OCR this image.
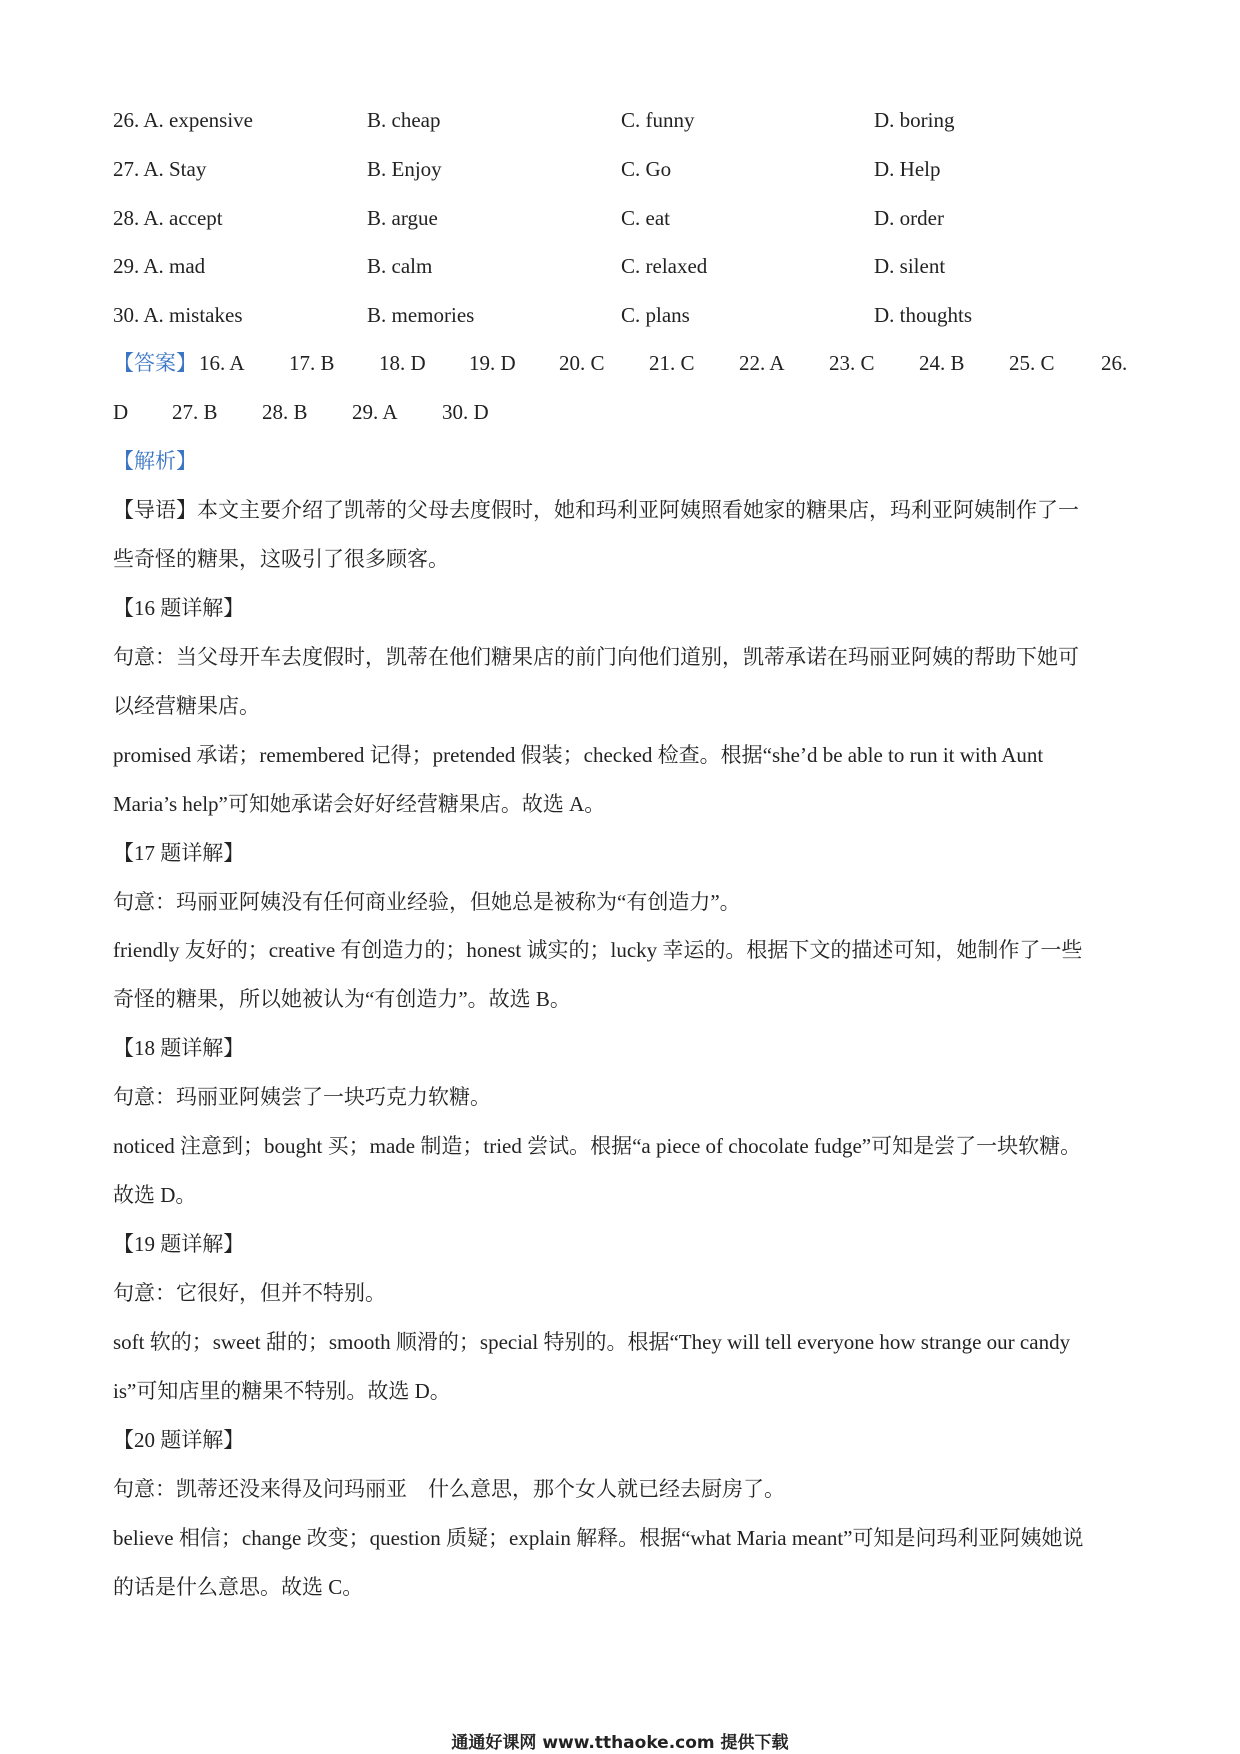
26. A. expensive	B. cheap	C. funny	D. boring
27. A. Stay	B. Enjoy	C. Go	D. Help
28. A. accept	B. argue	C. eat	D. order
29. A. mad	B. calm	C. relaxed	D. silent
30. A. mistakes	B. memories	C. plans	D. thoughts
【答案】 16. A 17. B 18. D 19. D 20. C 21. C 22. A 23. C 24. B 25. C 26.
D 27. B 28. B 29. A 30. D
【解析】
【导语】本文主要介绍了凯蒂的父母去度假时，她和玛利亚阿姨照看她家的糖果店，玛利亚阿姨制作了一
些奇怪的糖果，这吸引了很多顾客。
【16 题详解】
句意：当父母开车去度假时，凯蒂在他们糖果店的前门向他们道别，凯蒂承诺在玛丽亚阿姨的帮助下她可
以经营糖果店。
promised 承诺；remembered 记得；pretended 假装；checked 检查。根据“she’d be able to run it with Aunt
Maria’s help”可知她承诺会好好经营糖果店。故选 A。
【17 题详解】
句意：玛丽亚阿姨没有任何商业经验，但她总是被称为“有创造力”。
friendly 友好的；creative 有创造力的；honest 诚实的；lucky 幸运的。根据下文的描述可知，她制作了一些
奇怪的糖果，所以她被认为“有创造力”。故选 B。
【18 题详解】
句意：玛丽亚阿姨尝了一块巧克力软糖。
noticed 注意到；bought 买；made 制造；tried 尝试。根据“a piece of chocolate fudge”可知是尝了一块软糖。
故选 D。
【19 题详解】
句意：它很好，但并不特别。
soft 软的；sweet 甜的；smooth 顺滑的；special 特别的。根据“They will tell everyone how strange our candy
is”可知店里的糖果不特别。故选 D。
【20 题详解】
句意：凯蒂还没来得及问玛丽亚　什么意思，那个女人就已经去厨房了。
believe 相信；change 改变；question 质疑；explain 解释。根据“what Maria meant”可知是问玛利亚阿姨她说
的话是什么意思。故选 C。
通通好课网 www.tthaoke.com 提供下载
